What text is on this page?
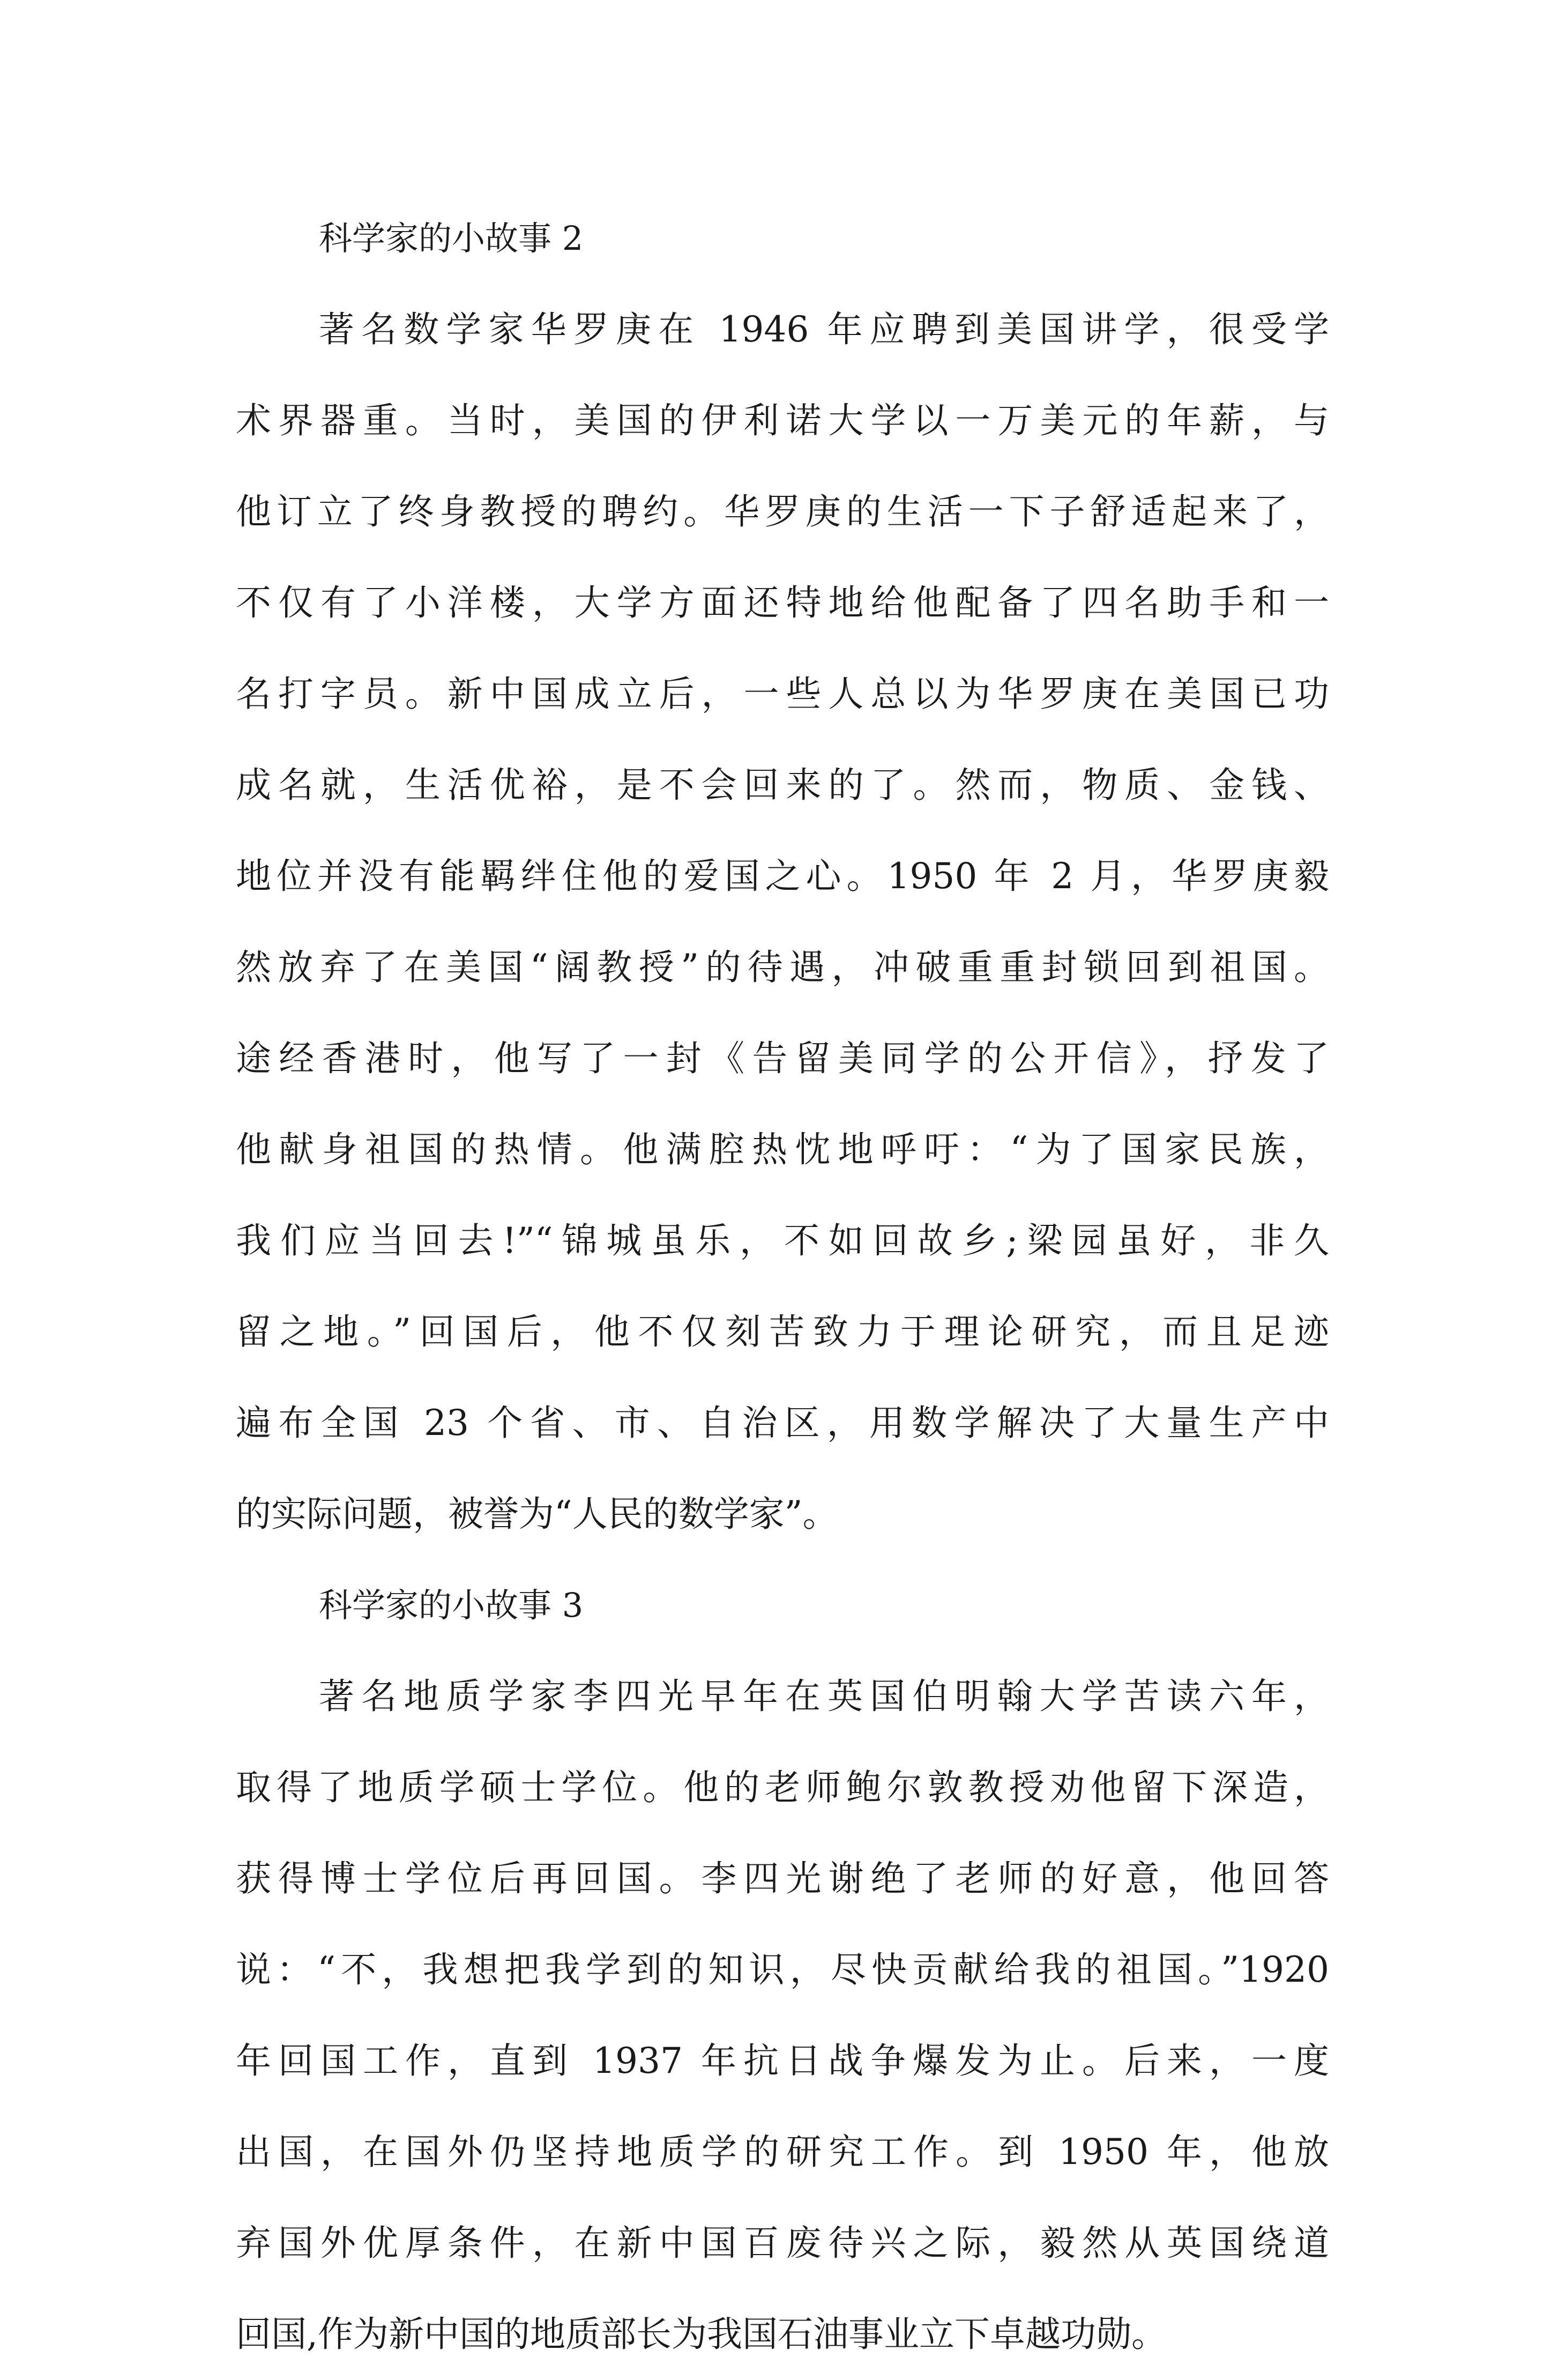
科学家的小故事 2
著名数学家华罗庚在 1946 年应聘到美国讲学，很受学
术界器重。当时，美国的伊利诺大学以一万美元的年薪，与
他订立了终身教授的聘约。华罗庚的生活一下子舒适起来了，
不仅有了小洋楼，大学方面还特地给他配备了四名助手和一
名打字员。新中国成立后，一些人总以为华罗庚在美国已功
成名就，生活优裕，是不会回来的了。然而，物质、金钱、
地位并没有能羁绊住他的爱国之心。1950 年 2 月，华罗庚毅
然放弃了在美国“阔教授”的待遇，冲破重重封锁回到祖国。
途经香港时，他写了一封《告留美同学的公开信》，抒发了
他献身祖国的热情。他满腔热忱地呼吁：“为了国家民族，
我们应当回去!”“锦城虽乐，不如回故乡;梁园虽好，非久
留之地。”回国后，他不仅刻苦致力于理论研究，而且足迹
遍布全国 23 个省、市、自治区，用数学解决了大量生产中
的实际问题，被誉为“人民的数学家”。
科学家的小故事 3
著名地质学家李四光早年在英国伯明翰大学苦读六年，
取得了地质学硕士学位。他的老师鲍尔敦教授劝他留下深造，
获得博士学位后再回国。李四光谢绝了老师的好意，他回答
说：“不，我想把我学到的知识，尽快贡献给我的祖国。”1920
年回国工作，直到 1937 年抗日战争爆发为止。后来，一度
出国，在国外仍坚持地质学的研究工作。到 1950 年，他放
弃国外优厚条件，在新中国百废待兴之际，毅然从英国绕道
回国,作为新中国的地质部长为我国石油事业立下卓越功勋。
